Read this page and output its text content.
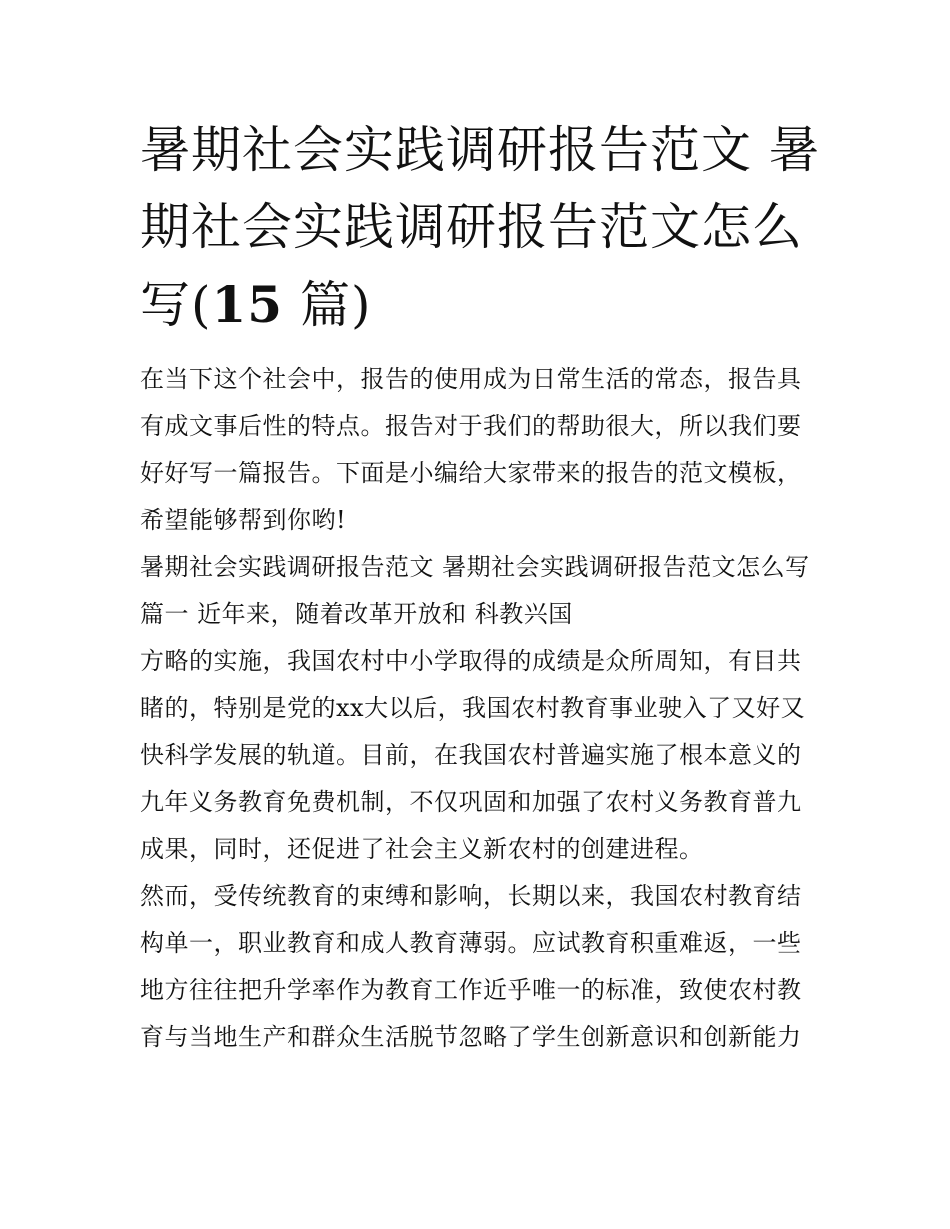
暑期社会实践调研报告范文 暑期社会实践调研报告范文怎么写(15 篇)

在当下这个社会中，报告的使用成为日常生活的常态，报告具有成文事后性的特点。报告对于我们的帮助很大，所以我们要好好写一篇报告。下面是小编给大家带来的报告的范文模板，希望能够帮到你哟!

暑期社会实践调研报告范文 暑期社会实践调研报告范文怎么写篇一 近年来，随着改革开放和 科教兴国

方略的实施，我国农村中小学取得的成绩是众所周知，有目共睹的，特别是党的xx大以后，我国农村教育事业驶入了又好又快科学发展的轨道。目前，在我国农村普遍实施了根本意义的九年义务教育免费机制，不仅巩固和加强了农村义务教育普九成果，同时，还促进了社会主义新农村的创建进程。

然而，受传统教育的束缚和影响，长期以来，我国农村教育结构单一，职业教育和成人教育薄弱。应试教育积重难返，一些地方往往把升学率作为教育工作近乎唯一的标准，致使农村教育与当地生产和群众生活脱节忽略了学生创新意识和创新能力
